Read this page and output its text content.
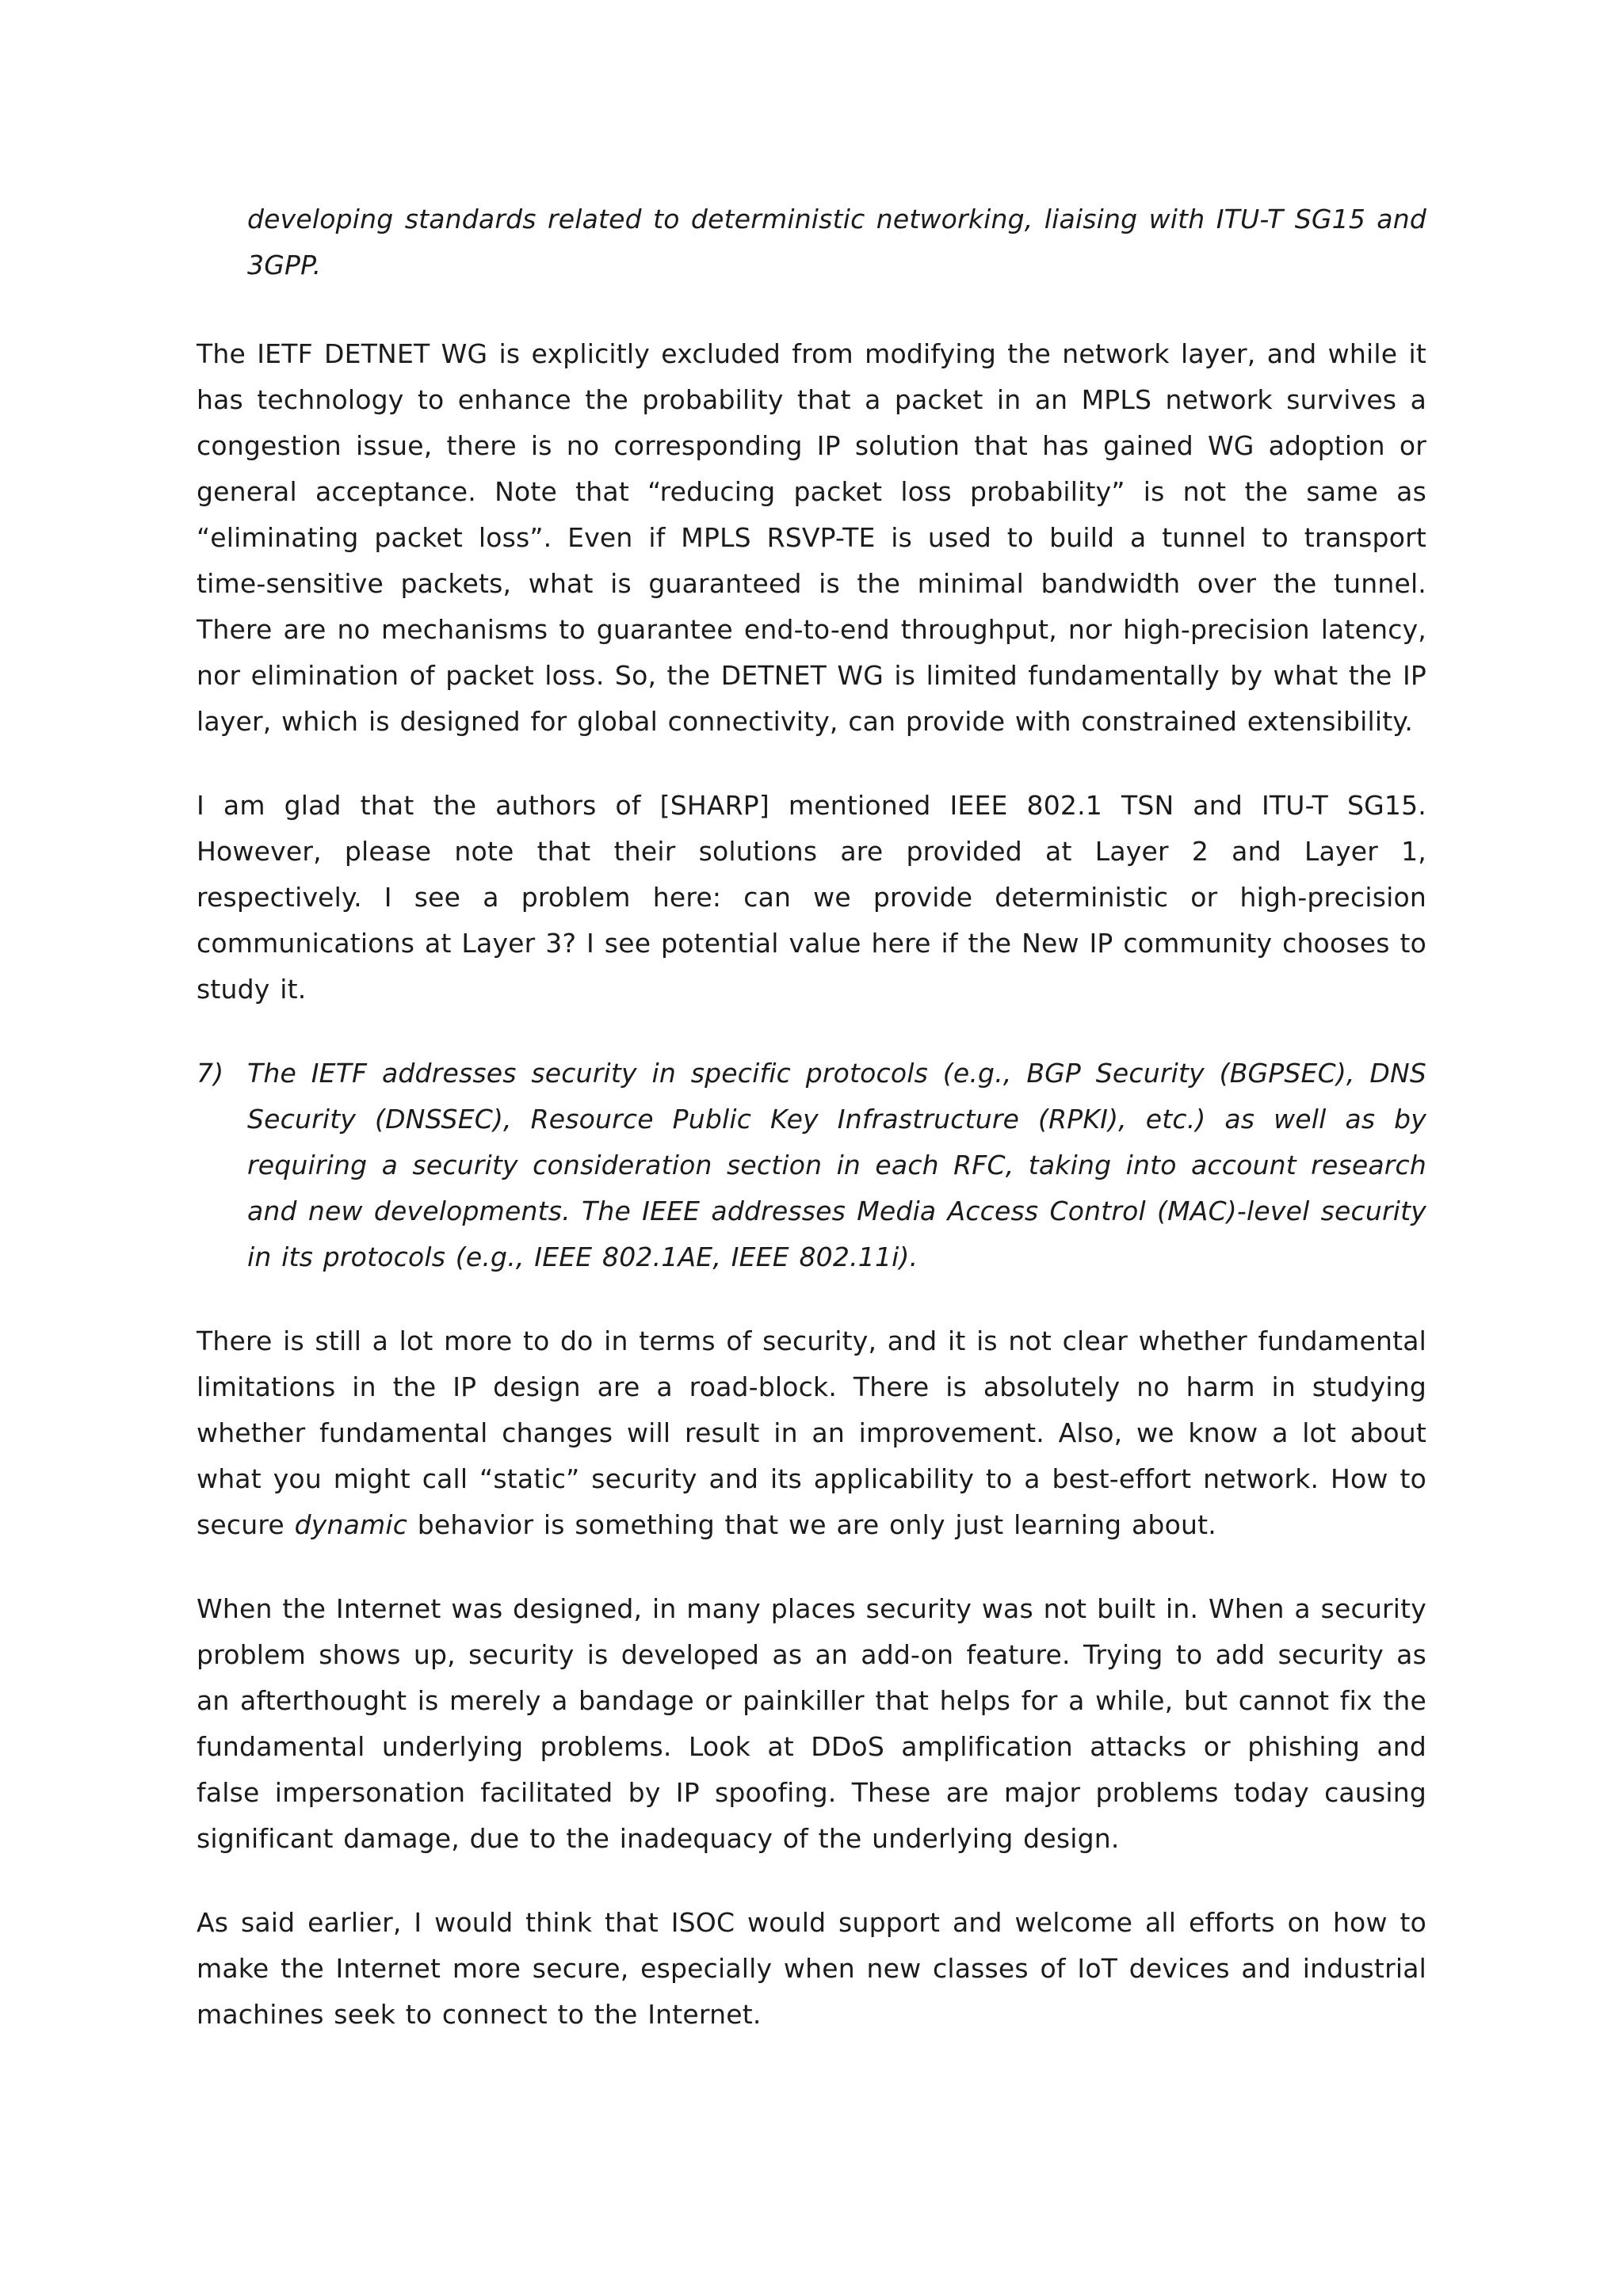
developing standards related to deterministic networking, liaising with ITU-T SG15 and 3GPP.

The IETF DETNET WG is explicitly excluded from modifying the network layer, and while it has technology to enhance the probability that a packet in an MPLS network survives a congestion issue, there is no corresponding IP solution that has gained WG adoption or general acceptance. Note that “reducing packet loss probability” is not the same as “eliminating packet loss”. Even if MPLS RSVP-TE is used to build a tunnel to transport time-sensitive packets, what is guaranteed is the minimal bandwidth over the tunnel. There are no mechanisms to guarantee end-to-end throughput, nor high-precision latency, nor elimination of packet loss. So, the DETNET WG is limited fundamentally by what the IP layer, which is designed for global connectivity, can provide with constrained extensibility.

I am glad that the authors of [SHARP] mentioned IEEE 802.1 TSN and ITU-T SG15. However, please note that their solutions are provided at Layer 2 and Layer 1, respectively. I see a problem here: can we provide deterministic or high-precision communications at Layer 3? I see potential value here if the New IP community chooses to study it.

7) The IETF addresses security in specific protocols (e.g., BGP Security (BGPSEC), DNS Security (DNSSEC), Resource Public Key Infrastructure (RPKI), etc.) as well as by requiring a security consideration section in each RFC, taking into account research and new developments. The IEEE addresses Media Access Control (MAC)-level security in its protocols (e.g., IEEE 802.1AE, IEEE 802.11i).

There is still a lot more to do in terms of security, and it is not clear whether fundamental limitations in the IP design are a road-block. There is absolutely no harm in studying whether fundamental changes will result in an improvement. Also, we know a lot about what you might call “static” security and its applicability to a best-effort network. How to secure dynamic behavior is something that we are only just learning about.

When the Internet was designed, in many places security was not built in. When a security problem shows up, security is developed as an add-on feature. Trying to add security as an afterthought is merely a bandage or painkiller that helps for a while, but cannot fix the fundamental underlying problems. Look at DDoS amplification attacks or phishing and false impersonation facilitated by IP spoofing. These are major problems today causing significant damage, due to the inadequacy of the underlying design.

As said earlier, I would think that ISOC would support and welcome all efforts on how to make the Internet more secure, especially when new classes of IoT devices and industrial machines seek to connect to the Internet.
